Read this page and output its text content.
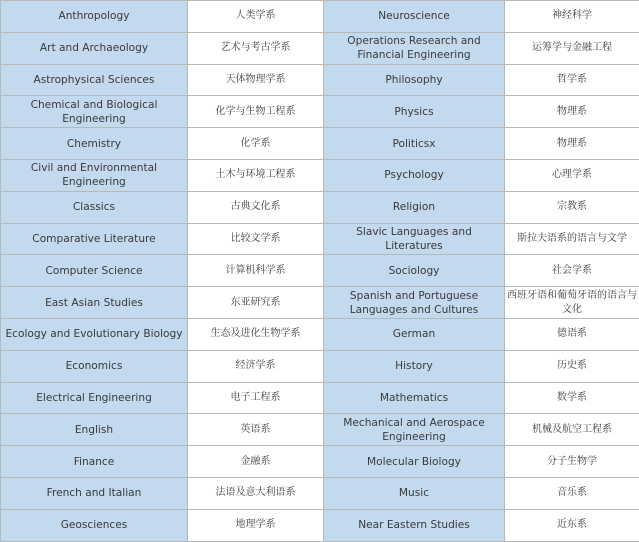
Anthropology	人类学系	Neuroscience	神经科学
Art and Archaeology	艺术与考古学系	Operations Research and Financial Engineering	运筹学与金融工程
Astrophysical Sciences	天体物理学系	Philosophy	哲学系
Chemical and Biological Engineering	化学与生物工程系	Physics	物理系
Chemistry	化学系	Politicsx	物理系
Civil and Environmental Engineering	土木与环境工程系	Psychology	心理学系
Classics	古典文化系	Religion	宗教系
Comparative Literature	比较文学系	Slavic Languages and Literatures	斯拉夫语系的语言与文学
Computer Science	计算机科学系	Sociology	社会学系
East Asian Studies	东亚研究系	Spanish and Portuguese Languages and Cultures	西班牙语和葡萄牙语的语言与文化
Ecology and Evolutionary Biology	生态及进化生物学系	German	德语系
Economics	经济学系	History	历史系
Electrical Engineering	电子工程系	Mathematics	数学系
English	英语系	Mechanical and Aerospace Engineering	机械及航空工程系
Finance	金融系	Molecular Biology	分子生物学
French and Italian	法语及意大利语系	Music	音乐系
Geosciences	地理学系	Near Eastern Studies	近东系
